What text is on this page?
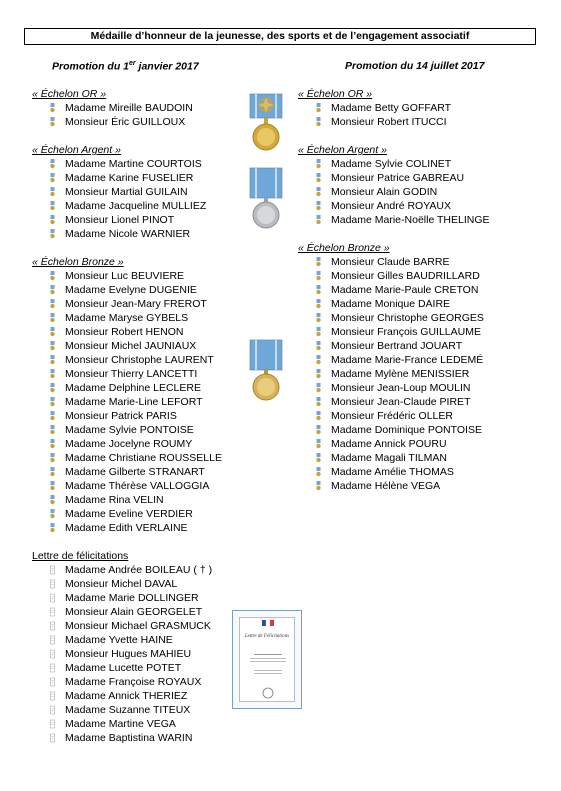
Médaille d’honneur de la jeunesse, des sports et de l’engagement associatif
Promotion du 1er janvier 2017	Promotion du 14 juillet 2017
« Échelon OR »
Madame Mireille BAUDOIN
Monsieur Éric GUILLOUX
« Échelon Argent »
Madame Martine COURTOIS
Madame Karine FUSELIER
Monsieur Martial GUILAIN
Madame Jacqueline MULLIEZ
Monsieur Lionel PINOT
Madame Nicole WARNIER
« Échelon Bronze »
Monsieur Luc BEUVIERE
Madame Evelyne DUGENIE
Monsieur Jean-Mary FREROT
Madame Maryse GYBELS
Monsieur Robert HENON
Monsieur Michel JAUNIAUX
Monsieur Christophe LAURENT
Monsieur Thierry LANCETTI
Madame Delphine LECLERE
Madame Marie-Line LEFORT
Monsieur Patrick PARIS
Madame Sylvie PONTOISE
Madame Jocelyne ROUMY
Madame Christiane ROUSSELLE
Madame Gilberte STRANART
Madame Thérèse VALLOGGIA
Madame Rina VELIN
Madame Eveline VERDIER
Madame Edith VERLAINE
Lettre de félicitations
Madame Andrée BOILEAU ( † )
Monsieur Michel DAVAL
Madame Marie DOLLINGER
Monsieur Alain GEORGELET
Monsieur Michael GRASMUCK
Madame Yvette HAINE
Monsieur Hugues MAHIEU
Madame Lucette POTET
Madame Françoise ROYAUX
Madame Annick THERIEZ
Madame Suzanne TITEUX
Madame Martine VEGA
Madame Baptistina WARIN
« Échelon OR »
Madame Betty GOFFART
Monsieur Robert ITUCCI
« Échelon Argent »
Madame Sylvie COLINET
Monsieur Patrice GABREAU
Monsieur Alain GODIN
Monsieur André ROYAUX
Madame Marie-Noëlle THELINGE
« Échelon Bronze »
Monsieur Claude BARRE
Monsieur Gilles BAUDRILLARD
Madame Marie-Paule CRETON
Madame Monique DAIRE
Monsieur Christophe GEORGES
Monsieur François GUILLAUME
Monsieur Bertrand JOUART
Madame Marie-France LEDEMÉ
Madame Mylène MENISSIER
Monsieur Jean-Loup MOULIN
Monsieur Jean-Claude PIRET
Monsieur Frédéric OLLER
Madame Dominique PONTOISE
Madame Annick POURU
Madame Magali TILMAN
Madame Amélie THOMAS
Madame Hélène VEGA
Lettre de Félicitations
